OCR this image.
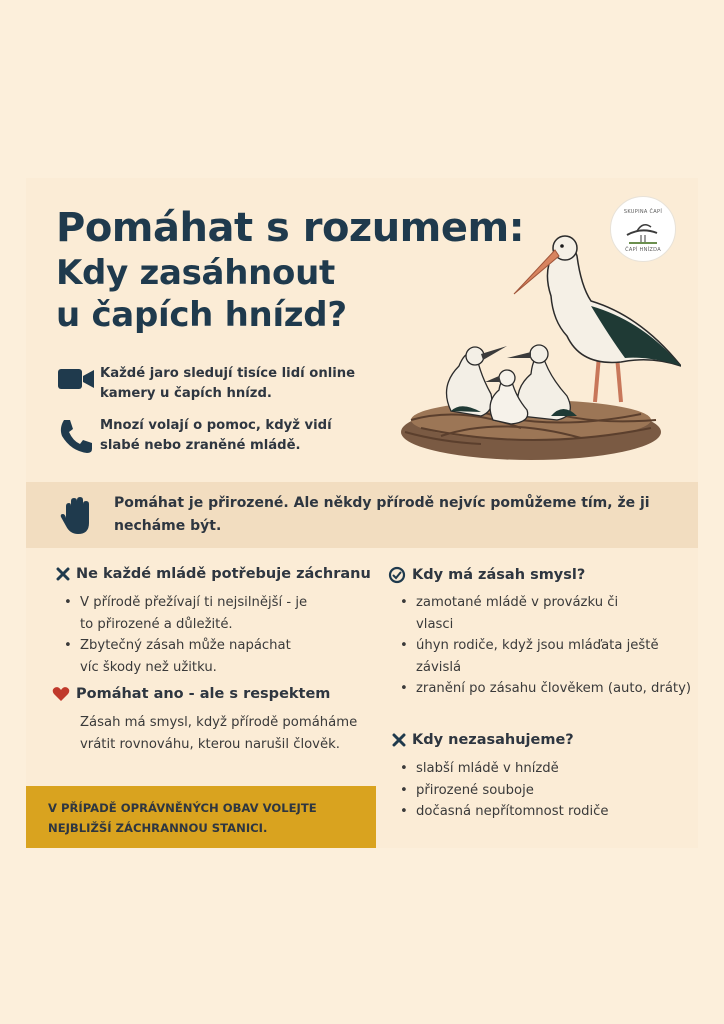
Pomáhat s rozumem:
Kdy zasáhnout
u čapích hnízd?
SKUPINA ČAPÍ
ČAPÍ HNÍZDA
Každé jaro sledují tisíce lidí online kamery u čapích hnízd.
Mnozí volají o pomoc, když vidí slabé nebo zraněné mládě.
Pomáhat je přirozené. Ale někdy přírodě nejvíc pomůžeme tím, že ji necháme být.
Ne každé mládě potřebuje záchranu
• V přírodě přežívají ti nejsilnější - je to přirozené a důležité.
• Zbytečný zásah může napáchat víc škody než užitku.
Pomáhat ano - ale s respektem
Zásah má smysl, když přírodě pomáháme vrátit rovnováhu, kterou narušil člověk.
V PŘÍPADĚ OPRÁVNĚNÝCH OBAV VOLEJTE NEJBLIŽŠÍ ZÁCHRANNOU STANICI.
Kdy má zásah smysl?
• zamotané mládě v provázku či vlasci
• úhyn rodiče, když jsou mláďata ještě závislá
• zranění po zásahu člověkem (auto, dráty)
Kdy nezasahujeme?
• slabší mládě v hnízdě
• přirozené souboje
• dočasná nepřítomnost rodiče
